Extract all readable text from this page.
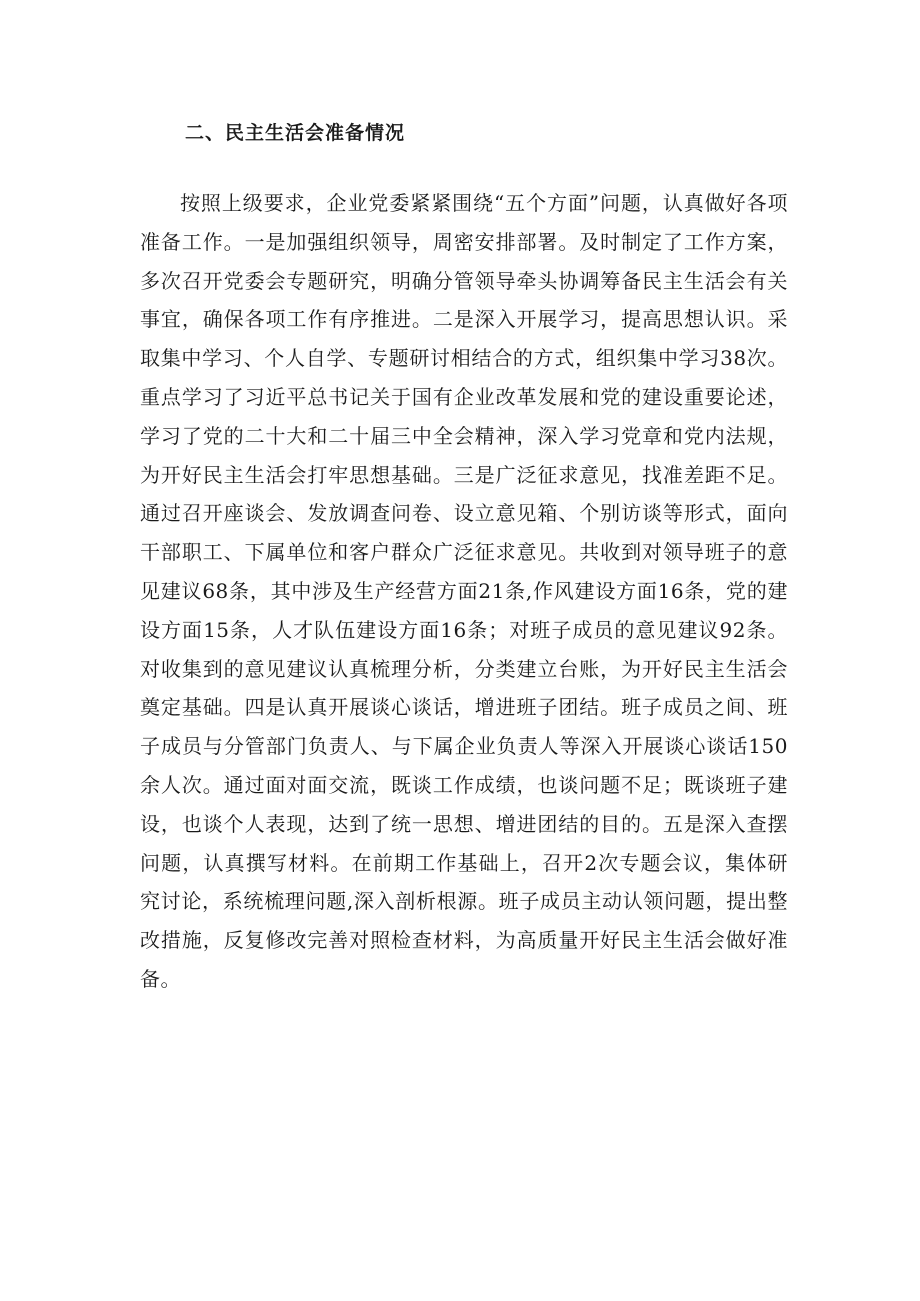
二、民主生活会准备情况

按照上级要求，企业党委紧紧围绕“五个方面”问题，认真做好各项准备工作。一是加强组织领导，周密安排部署。及时制定了工作方案，多次召开党委会专题研究，明确分管领导牵头协调筹备民主生活会有关事宜，确保各项工作有序推进。二是深入开展学习，提高思想认识。采取集中学习、个人自学、专题研讨相结合的方式，组织集中学习38次。重点学习了习近平总书记关于国有企业改革发展和党的建设重要论述，学习了党的二十大和二十届三中全会精神，深入学习党章和党内法规，为开好民主生活会打牢思想基础。三是广泛征求意见，找准差距不足。通过召开座谈会、发放调查问卷、设立意见箱、个别访谈等形式，面向干部职工、下属单位和客户群众广泛征求意见。共收到对领导班子的意见建议68条，其中涉及生产经营方面21条,作风建设方面16条，党的建设方面15条，人才队伍建设方面16条；对班子成员的意见建议92条。对收集到的意见建议认真梳理分析，分类建立台账，为开好民主生活会奠定基础。四是认真开展谈心谈话，增进班子团结。班子成员之间、班子成员与分管部门负责人、与下属企业负责人等深入开展谈心谈话150余人次。通过面对面交流，既谈工作成绩，也谈问题不足；既谈班子建设，也谈个人表现，达到了统一思想、增进团结的目的。五是深入查摆问题，认真撰写材料。在前期工作基础上，召开2次专题会议，集体研究讨论，系统梳理问题,深入剖析根源。班子成员主动认领问题，提出整改措施，反复修改完善对照检查材料，为高质量开好民主生活会做好准备。
